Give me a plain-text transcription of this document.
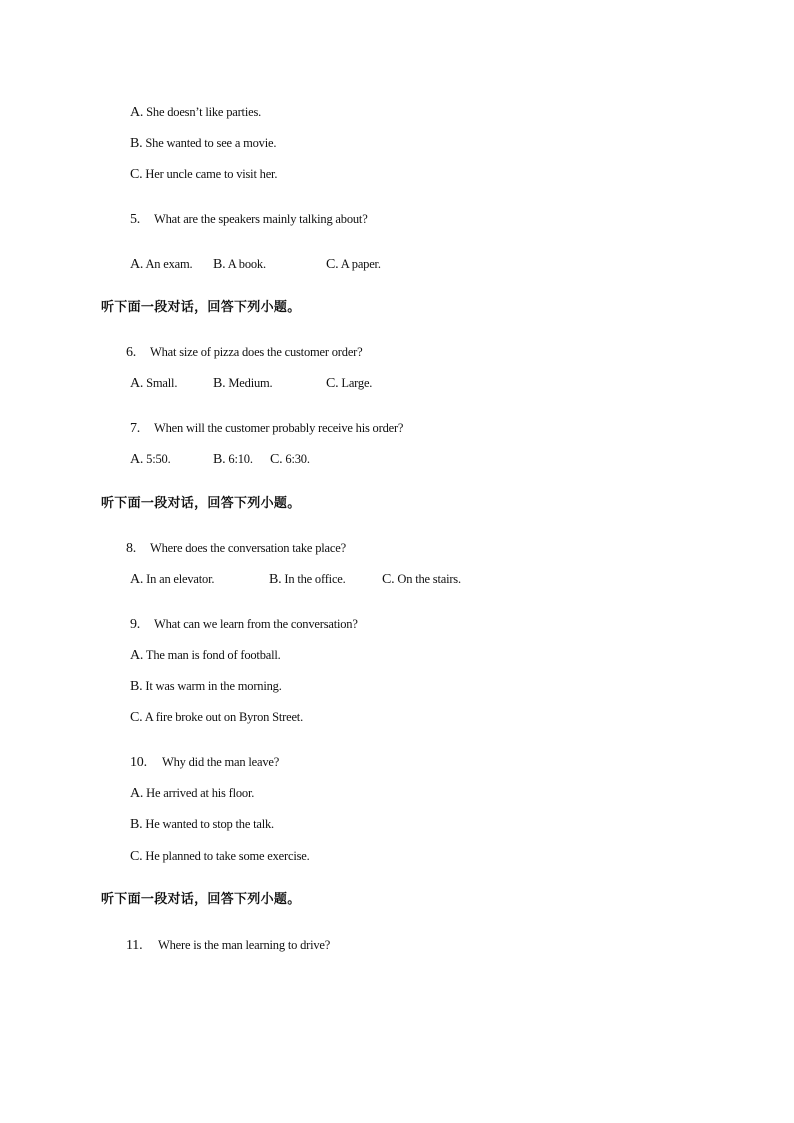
A. She doesn’t like parties.
B. She wanted to see a movie.
C. Her uncle came to visit her.
5. What are the speakers mainly talking about?
A. An exam. B. A book.	C. A paper.
听下面一段对话，回答下列小题。
6. What size of pizza does the customer order?
A. Small.	B. Medium.	C. Large.
7. When will the customer probably receive his order?
A. 5:50.	B. 6:10. C. 6:30.
听下面一段对话，回答下列小题。
8. Where does the conversation take place?
A. In an elevator.	B. In the office.	C. On the stairs.
9. What can we learn from the conversation?
A. The man is fond of football.
B. It was warm in the morning.
C. A fire broke out on Byron Street.
10. Why did the man leave?
A. He arrived at his floor.
B. He wanted to stop the talk.
C. He planned to take some exercise.
听下面一段对话，回答下列小题。
11. Where is the man learning to drive?
